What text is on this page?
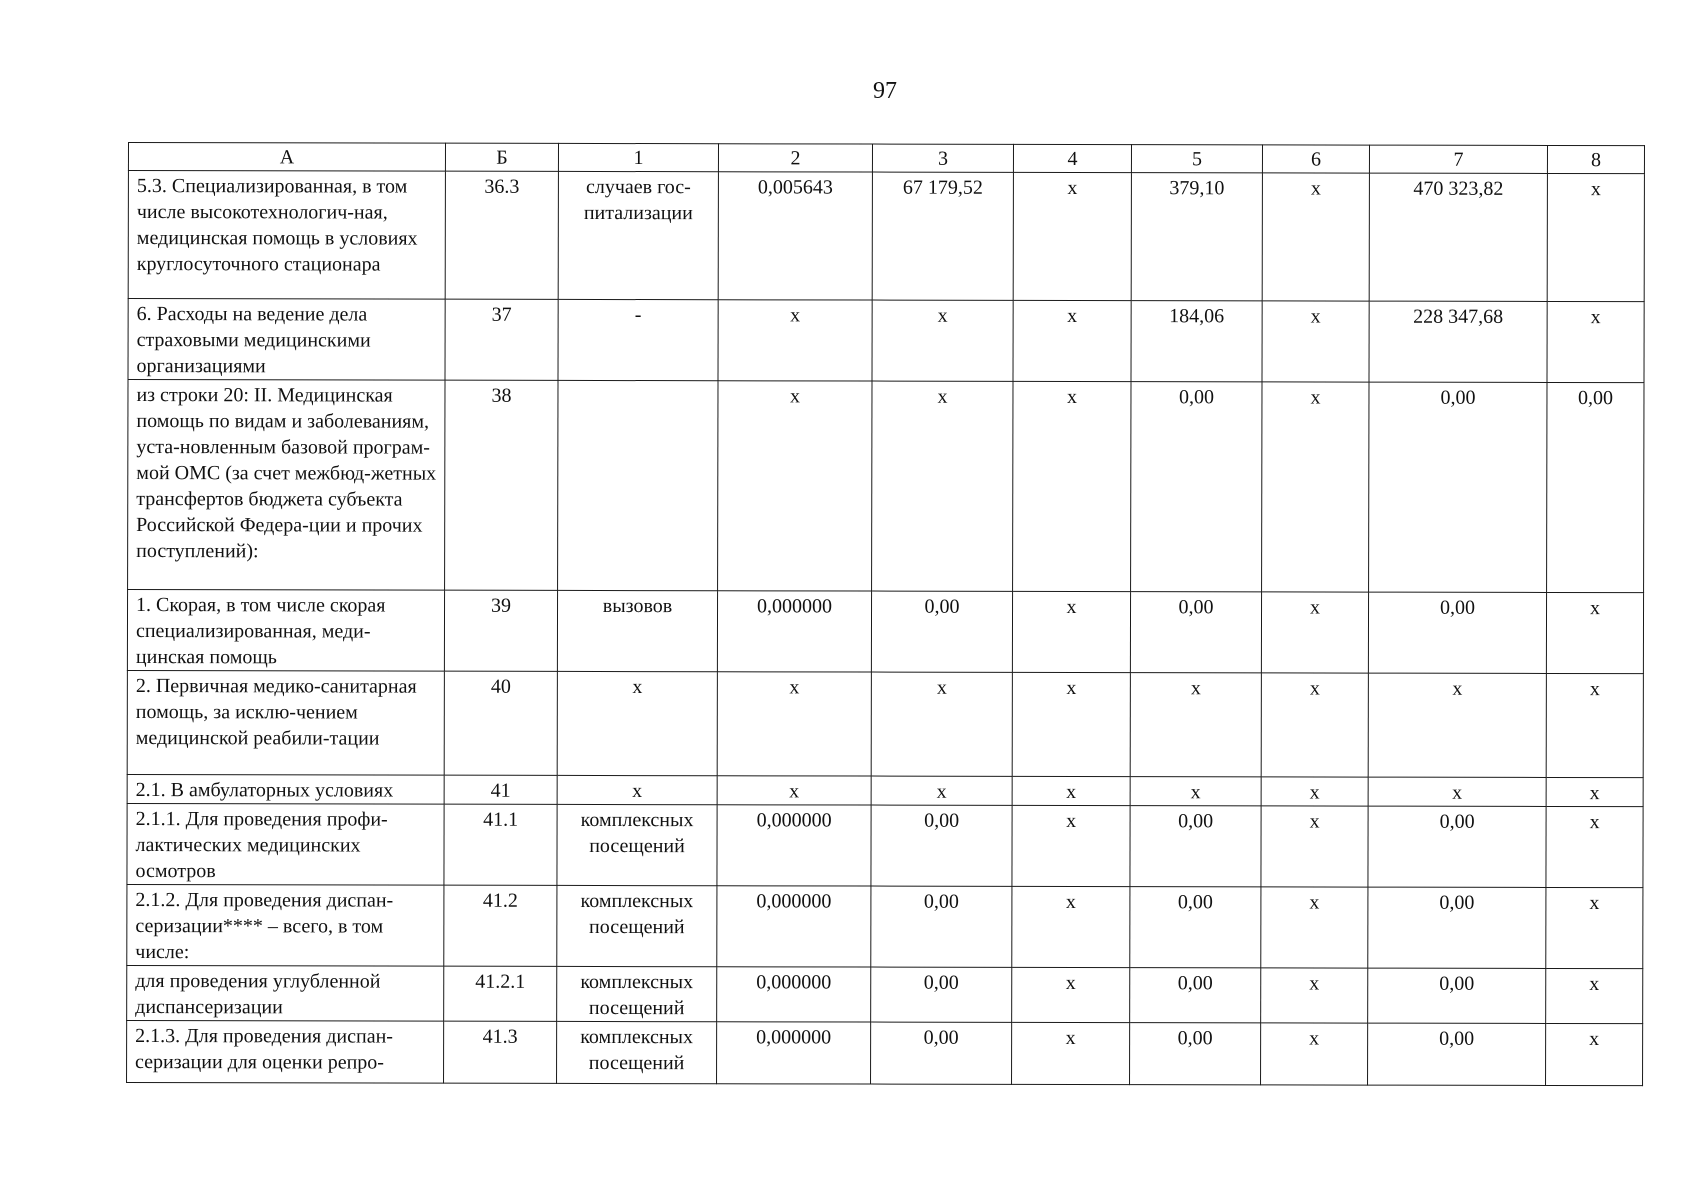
97
А	Б	1	2	3	4	5	6	7	8
5.3. Специализированная, в том числе высокотехнологич-ная, медицинская помощь в условиях круглосуточного стационара	36.3	случаев гос-питализации	0,005643	67 179,52	x	379,10	x	470 323,82	x
6. Расходы на ведение дела страховыми медицинскими организациями	37	-	x	x	x	184,06	x	228 347,68	x
из строки 20: II. Медицинская помощь по видам и заболеваниям, уста-новленным базовой програм-мой ОМС (за счет межбюд-жетных трансфертов бюджета субъекта Российской Федера-ции и прочих поступлений):	38		x	x	x	0,00	x	0,00	0,00
1. Скорая, в том числе скорая специализированная, меди-цинская помощь	39	вызовов	0,000000	0,00	x	0,00	x	0,00	x
2. Первичная медико-санитарная помощь, за исклю-чением медицинской реабили-тации	40	x	x	x	x	x	x	x	x
2.1. В амбулаторных условиях	41	x	x	x	x	x	x	x	x
2.1.1. Для проведения профи-лактических медицинских осмотров	41.1	комплексных посещений	0,000000	0,00	x	0,00	x	0,00	x
2.1.2. Для проведения диспан-серизации**** – всего, в том числе:	41.2	комплексных посещений	0,000000	0,00	x	0,00	x	0,00	x
для проведения углубленной диспансеризации	41.2.1	комплексных посещений	0,000000	0,00	x	0,00	x	0,00	x
2.1.3. Для проведения диспан-серизации для оценки репро-	41.3	комплексных посещений	0,000000	0,00	x	0,00	x	0,00	x
